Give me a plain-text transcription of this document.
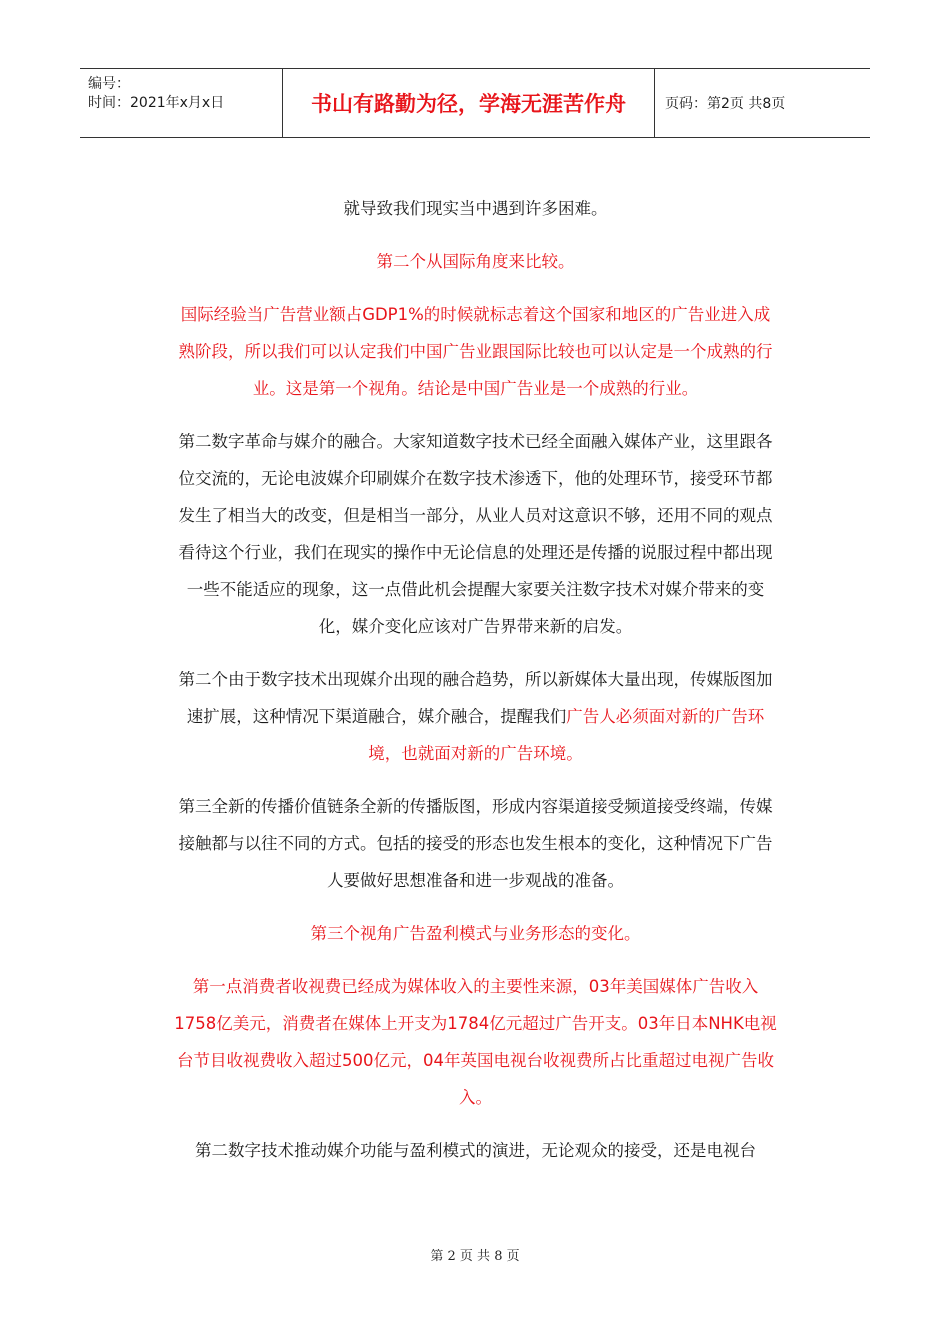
编号：
时间：2021年x月x日	书山有路勤为径，学海无涯苦作舟	页码：第2页 共8页

就导致我们现实当中遇到许多困难。

第二个从国际角度来比较。

国际经验当广告营业额占GDP1%的时候就标志着这个国家和地区的广告业进入成熟阶段，所以我们可以认定我们中国广告业跟国际比较也可以认定是一个成熟的行业。这是第一个视角。结论是中国广告业是一个成熟的行业。

第二数字革命与媒介的融合。大家知道数字技术已经全面融入媒体产业，这里跟各位交流的，无论电波媒介印刷媒介在数字技术渗透下，他的处理环节，接受环节都发生了相当大的改变，但是相当一部分，从业人员对这意识不够，还用不同的观点看待这个行业，我们在现实的操作中无论信息的处理还是传播的说服过程中都出现一些不能适应的现象，这一点借此机会提醒大家要关注数字技术对媒介带来的变化，媒介变化应该对广告界带来新的启发。

第二个由于数字技术出现媒介出现的融合趋势，所以新媒体大量出现，传媒版图加速扩展，这种情况下渠道融合，媒介融合，提醒我们广告人必须面对新的广告环境，也就面对新的广告环境。

第三全新的传播价值链条全新的传播版图，形成内容渠道接受频道接受终端，传媒接触都与以往不同的方式。包括的接受的形态也发生根本的变化，这种情况下广告人要做好思想准备和进一步观战的准备。

第三个视角广告盈利模式与业务形态的变化。

第一点消费者收视费已经成为媒体收入的主要性来源，03年美国媒体广告收入1758亿美元，消费者在媒体上开支为1784亿元超过广告开支。03年日本NHK电视台节目收视费收入超过500亿元，04年英国电视台收视费所占比重超过电视广告收入。

第二数字技术推动媒介功能与盈利模式的演进，无论观众的接受，还是电视台

第 2 页 共 8 页
